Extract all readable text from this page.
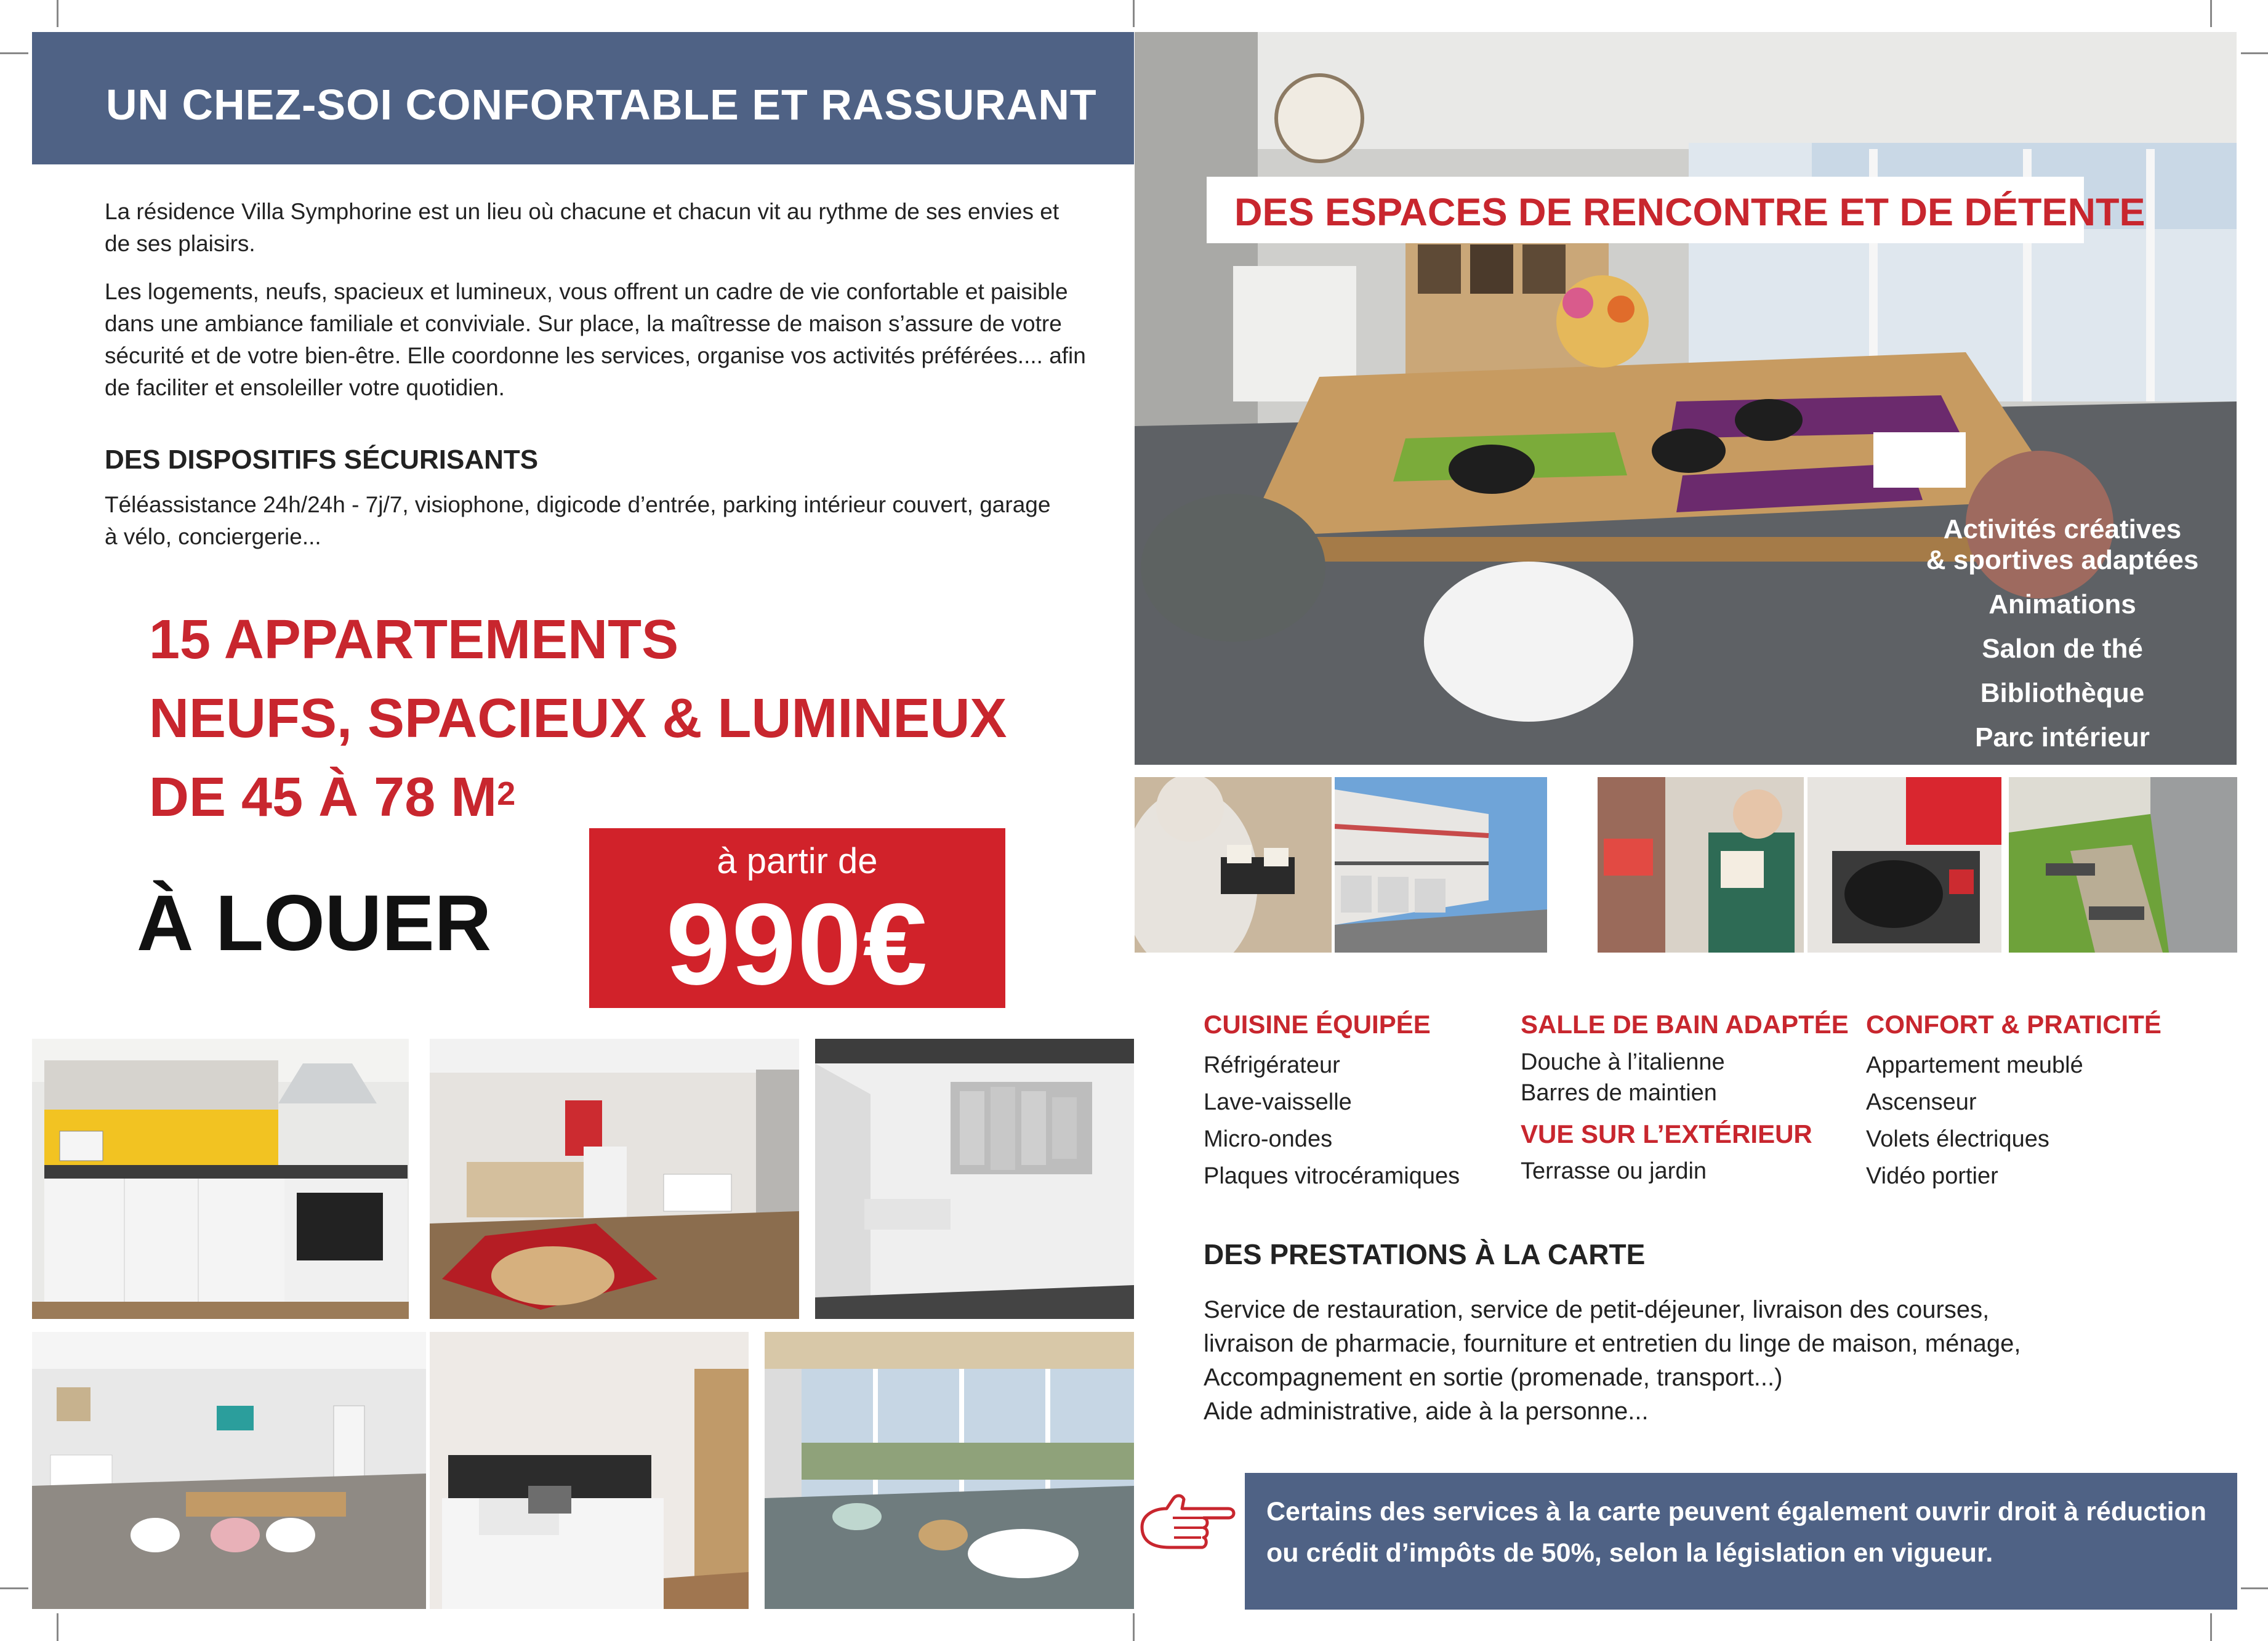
UN CHEZ-SOI CONFORTABLE ET RASSURANT

La résidence Villa Symphorine est un lieu où chacune et chacun vit au rythme de ses envies et de ses plaisirs.

Les logements, neufs, spacieux et lumineux, vous offrent un cadre de vie confortable et paisible dans une ambiance familiale et conviviale. Sur place, la maîtresse de maison s’assure de votre sécurité et de votre bien-être. Elle coordonne les services, organise vos activités préférées.... afin de faciliter et ensoleiller votre quotidien.

DES DISPOSITIFS SÉCURISANTS
Téléassistance 24h/24h - 7j/7, visiophone, digicode d’entrée, parking intérieur couvert, garage à vélo, conciergerie...
15 APPARTEMENTS
NEUFS, SPACIEUX & LUMINEUX
DE 45 À 78 $M^2$
À LOUER
à partir de
990€
DES ESPACES DE RENCONTRE ET DE DÉTENTE
Activités créatives
& sportives adaptées
Animations
Salon de thé
Bibliothèque
Parc intérieur
CUISINE ÉQUIPÉE
Réfrigérateur
Lave-vaisselle
Micro-ondes
Plaques vitrocéramiques
SALLE DE BAIN ADAPTÉE
Douche à l’italienne
Barres de maintien
VUE SUR L’EXTÉRIEUR
Terrasse ou jardin
CONFORT & PRATICITÉ
Appartement meublé
Ascenseur
Volets électriques
Vidéo portier
DES PRESTATIONS À LA CARTE
Service de restauration, service de petit-déjeuner, livraison des courses,
livraison de pharmacie, fourniture et entretien du linge de maison, ménage,
Accompagnement en sortie (promenade, transport...)
Aide administrative, aide à la personne...
Certains des services à la carte peuvent également ouvrir droit à réduction ou crédit d’impôts de 50%, selon la législation en vigueur.
